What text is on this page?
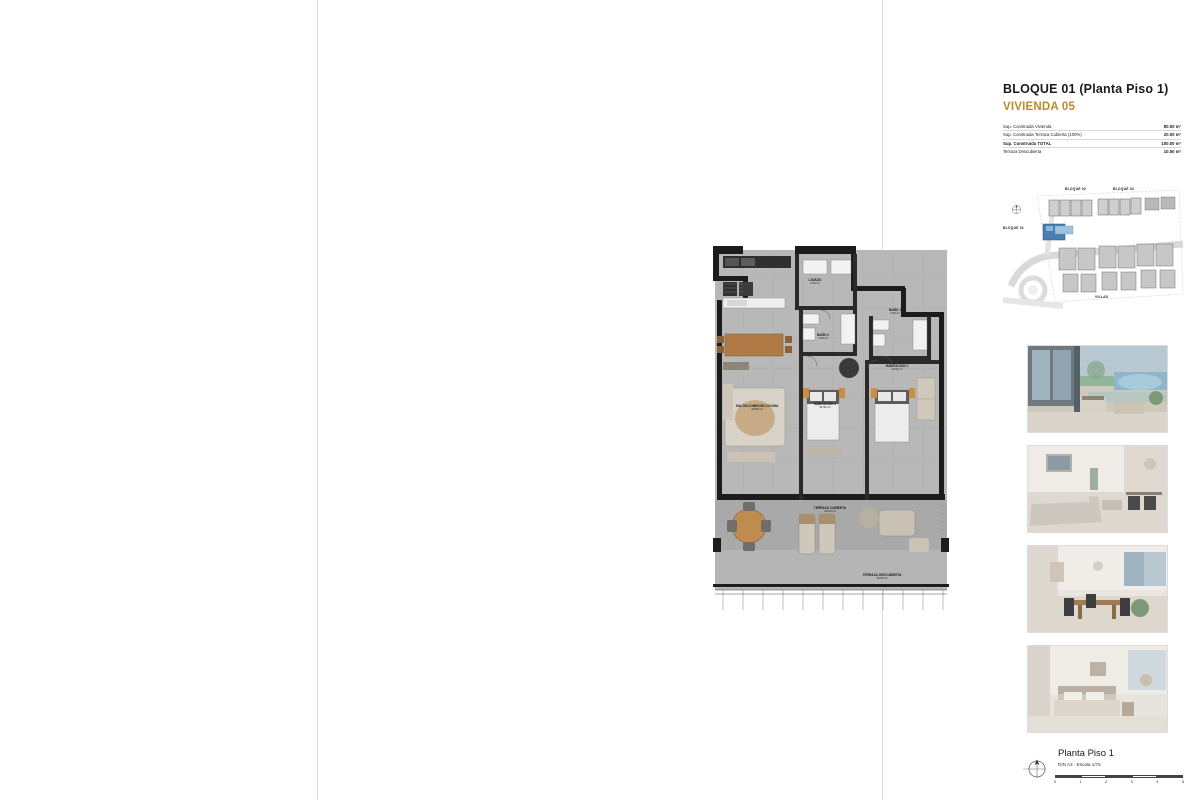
BLOQUE 01 (Planta Piso 1)
VIVIENDA 05
Sup. Construida Vivienda	80.00 m²
Sup. Construida Terraza Cubierta (100%)	20.00 m²
Sup. Construida TOTAL	100.00 m²
Terraza Descubierta	10.50 m²
BLOQUE 02	BLOQUE 03
BLOQUE 01
VILLAS
Planta Piso 1
DIN A3 - Escala 1/75
0	1	2	3	4	5
LAVADO
2.20 m²
BAÑO 2
4.10 m²
BAÑO 1
4.40 m²
HABITACIÓN 1
14.90 m²
SALÓN-COMEDOR-COCINA
30.80 m²
HABITACIÓN 2
11.50 m²
TERRAZA CUBIERTA
20.00 m²
TERRAZA DESCUBIERTA
10.50 m²
